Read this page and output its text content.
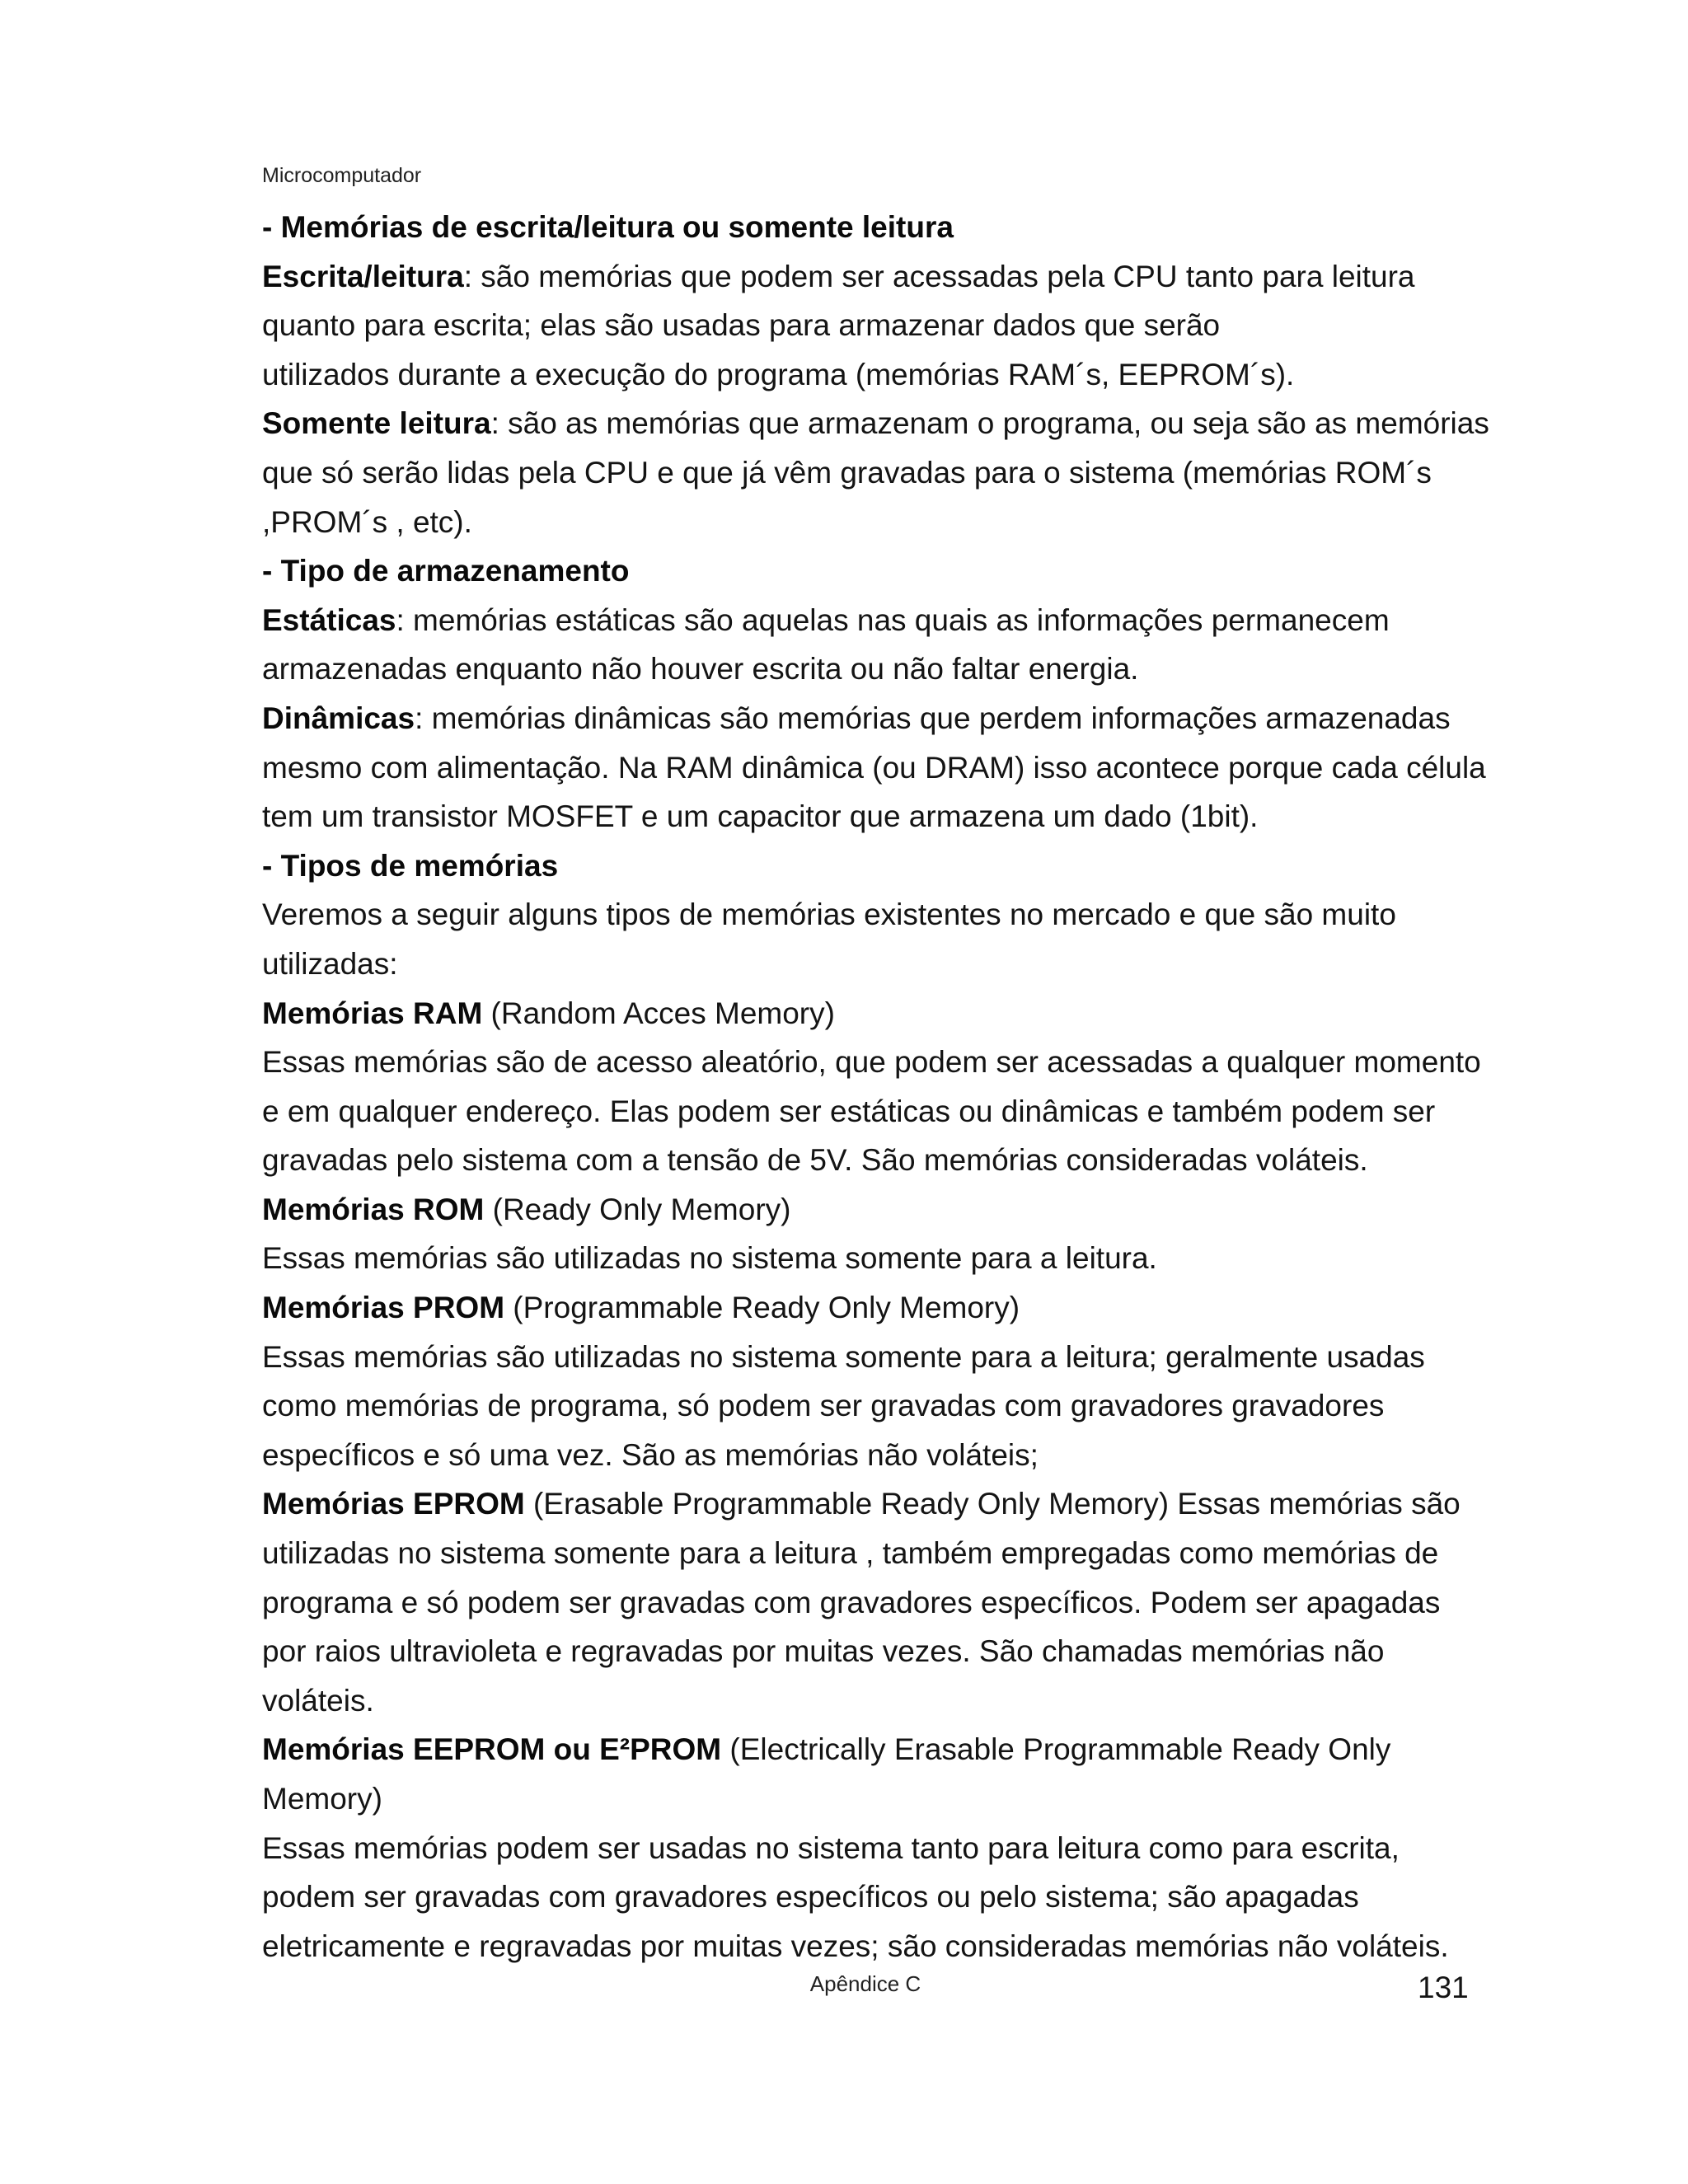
Microcomputador
- Memórias de escrita/leitura ou somente leitura
Escrita/leitura: são memórias que podem ser acessadas pela CPU tanto para leitura
quanto para escrita; elas são usadas para armazenar dados que serão
utilizados durante a execução do programa (memórias RAM´s, EEPROM´s).
Somente leitura: são as memórias que armazenam o programa, ou seja são as memórias
que só serão lidas pela CPU e que já vêm gravadas para o sistema (memórias ROM´s
,PROM´s , etc).
- Tipo de armazenamento
Estáticas: memórias estáticas são aquelas nas quais as informações permanecem
armazenadas enquanto não houver escrita ou não faltar energia.
Dinâmicas: memórias dinâmicas são memórias que perdem informações armazenadas
mesmo com alimentação. Na RAM dinâmica (ou DRAM) isso acontece porque cada célula
tem um transistor MOSFET e um capacitor que armazena um dado (1bit).
- Tipos de memórias
Veremos a seguir alguns tipos de memórias existentes no mercado e que são muito
utilizadas:
Memórias RAM (Random Acces Memory)
Essas memórias são de acesso aleatório, que podem ser acessadas a qualquer momento
e em qualquer endereço. Elas podem ser estáticas ou dinâmicas e também podem ser
gravadas pelo sistema com a tensão de 5V. São memórias consideradas voláteis.
Memórias ROM (Ready Only Memory)
Essas memórias são utilizadas no sistema somente para a leitura.
Memórias PROM (Programmable Ready Only Memory)
Essas memórias são utilizadas no sistema somente para a leitura; geralmente usadas
como memórias de programa, só podem ser gravadas com gravadores gravadores
específicos e só uma vez. São as memórias não voláteis;
Memórias EPROM (Erasable Programmable Ready Only Memory) Essas memórias são
utilizadas no sistema somente para a leitura , também empregadas como memórias de
programa e só podem ser gravadas com gravadores específicos. Podem ser apagadas
por raios ultravioleta e regravadas por muitas vezes. São chamadas memórias não
voláteis.
Memórias EEPROM ou E²PROM (Electrically Erasable Programmable Ready Only
Memory)
Essas memórias podem ser usadas no sistema tanto para leitura como para escrita,
podem ser gravadas com gravadores específicos ou pelo sistema; são apagadas
eletricamente e regravadas por muitas vezes; são consideradas memórias não voláteis.
Apêndice C	131
